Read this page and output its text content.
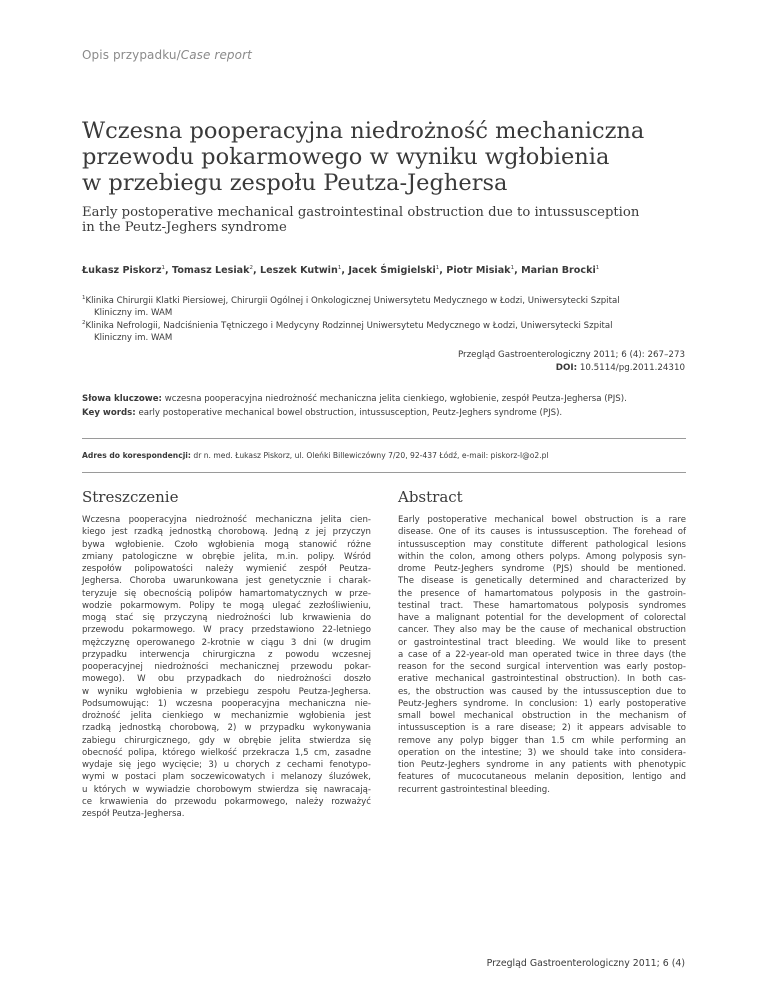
Opis przypadku/Case report
Wczesna pooperacyjna niedrożność mechaniczna
przewodu pokarmowego w wyniku wgłobienia
w przebiegu zespołu Peutza-Jeghersa
Early postoperative mechanical gastrointestinal obstruction due to intussusception
in the Peutz-Jeghers syndrome
Łukasz Piskorz$^1$, Tomasz Lesiak$^2$, Leszek Kutwin$^1$, Jacek Śmigielski$^1$, Piotr Misiak$^1$, Marian Brocki$^1$
$^1$Klinika Chirurgii Klatki Piersiowej, Chirurgii Ogólnej i Onkologicznej Uniwersytetu Medycznego w Łodzi, Uniwersytecki Szpital
Kliniczny im. WAM
$^2$Klinika Nefrologii, Nadciśnienia Tętniczego i Medycyny Rodzinnej Uniwersytetu Medycznego w Łodzi, Uniwersytecki Szpital
Kliniczny im. WAM
Przegląd Gastroenterologiczny 2011; 6 (4): 267–273
DOI: 10.5114/pg.2011.24310
Słowa kluczowe: wczesna pooperacyjna niedrożność mechaniczna jelita cienkiego, wgłobienie, zespół Peutza-Jeghersa (PJS).
Key words: early postoperative mechanical bowel obstruction, intussusception, Peutz-Jeghers syndrome (PJS).
Adres do korespondencji: dr n. med. Łukasz Piskorz, ul. Oleńki Billewiczówny 7/20, 92-437 Łódź, e-mail: piskorz-l@o2.pl
Streszczenie	Abstract
Wczesna pooperacyjna niedrożność mechaniczna jelita cien-
kiego jest rzadką jednostką chorobową. Jedną z jej przyczyn
bywa wgłobienie. Czoło wgłobienia mogą stanowić różne
zmiany patologiczne w obrębie jelita, m.in. polipy. Wśród
zespołów polipowatości należy wymienić zespół Peutza-
Jeghersa. Choroba uwarunkowana jest genetycznie i charak-
teryzuje się obecnością polipów hamartomatycznych w prze-
wodzie pokarmowym. Polipy te mogą ulegać zezłośliwieniu,
mogą stać się przyczyną niedrożności lub krwawienia do
przewodu pokarmowego. W pracy przedstawiono 22-letniego
mężczyznę operowanego 2-krotnie w ciągu 3 dni (w drugim
przypadku interwencja chirurgiczna z powodu wczesnej
pooperacyjnej niedrożności mechanicznej przewodu pokar-
mowego). W obu przypadkach do niedrożności doszło
w wyniku wgłobienia w przebiegu zespołu Peutza-Jeghersa.
Podsumowując: 1) wczesna pooperacyjna mechaniczna nie-
drożność jelita cienkiego w mechanizmie wgłobienia jest
rzadką jednostką chorobową, 2) w przypadku wykonywania
zabiegu chirurgicznego, gdy w obrębie jelita stwierdza się
obecność polipa, którego wielkość przekracza 1,5 cm, zasadne
wydaje się jego wycięcie; 3) u chorych z cechami fenotypo-
wymi w postaci plam soczewicowatych i melanozy śluzówek,
u których w wywiadzie chorobowym stwierdza się nawracają-
ce krwawienia do przewodu pokarmowego, należy rozważyć
zespół Peutza-Jeghersa.
Early postoperative mechanical bowel obstruction is a rare
disease. One of its causes is intussusception. The forehead of
intussusception may constitute different pathological lesions
within the colon, among others polyps. Among polyposis syn-
drome Peutz-Jeghers syndrome (PJS) should be mentioned.
The disease is genetically determined and characterized by
the presence of hamartomatous polyposis in the gastroin-
testinal tract. These hamartomatous polyposis syndromes
have a malignant potential for the development of colorectal
cancer. They also may be the cause of mechanical obstruction
or gastrointestinal tract bleeding. We would like to present
a case of a 22-year-old man operated twice in three days (the
reason for the second surgical intervention was early postop-
erative mechanical gastrointestinal obstruction). In both cas-
es, the obstruction was caused by the intussusception due to
Peutz-Jeghers syndrome. In conclusion: 1) early postoperative
small bowel mechanical obstruction in the mechanism of
intussusception is a rare disease; 2) it appears advisable to
remove any polyp bigger than 1.5 cm while performing an
operation on the intestine; 3) we should take into considera-
tion Peutz-Jeghers syndrome in any patients with phenotypic
features of mucocutaneous melanin deposition, lentigo and
recurrent gastrointestinal bleeding.
Przegląd Gastroenterologiczny 2011; 6 (4)
